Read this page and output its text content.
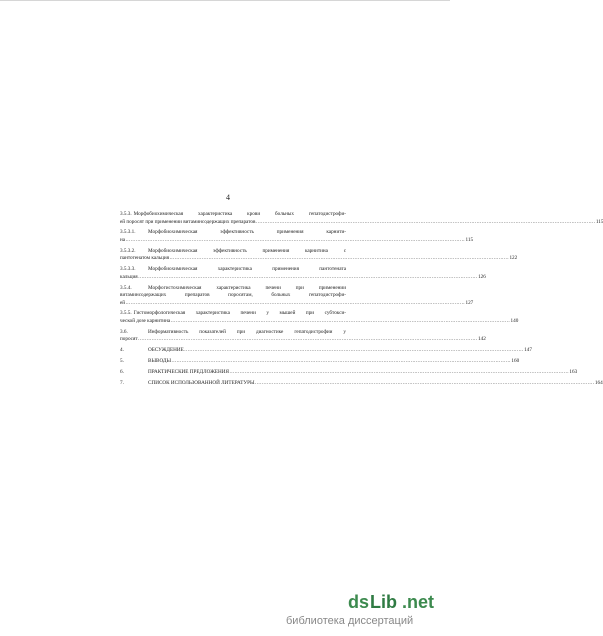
4
3.5.3. Морфобиохимическая характеристика крови больных гепатодистрофи-
ей поросят при применении витаминсодержащих препаратов ........................................................................................................................................................................................................ 115
3.5.3.1.	Морфобиохимическая эффективность применения карнити-
на ........................................................................................................................................................................................................ 115
3.5.3.2.	Морфобиохимическая эффективность применения карнитина с
пантотенатом кальция ........................................................................................................................................................................................................ 122
3.5.3.3.	Морфобиохимическая характеристика применения пантотената
кальция ........................................................................................................................................................................................................ 126
3.5.4.	Морфогистохимическая характеристика печени при применении
витаминсодержащих препаратов поросятам, больных гепатодистрофи-
ей ........................................................................................................................................................................................................ 127
3.5.5. Гистоморфологическая характеристика печени у мышей при субтокси-
ческой дозе карнитина ........................................................................................................................................................................................................ 140
3.6.	Информативность показателей при диагностике гепатодистрофии у
поросят ........................................................................................................................................................................................................ 142
4.	ОБСУЖДЕНИЕ ........................................................................................................................................................................................................ 147
5.	ВЫВОДЫ ........................................................................................................................................................................................................ 160
6.	ПРАКТИЧЕСКИЕ ПРЕДЛОЖЕНИЯ ........................................................................................................................................................................................................ 163
7.	СПИСОК ИСПОЛЬЗОВАННОЙ ЛИТЕРАТУРЫ ........................................................................................................................................................................................................ 164
ds Lib .net
библиотека диссертаций
